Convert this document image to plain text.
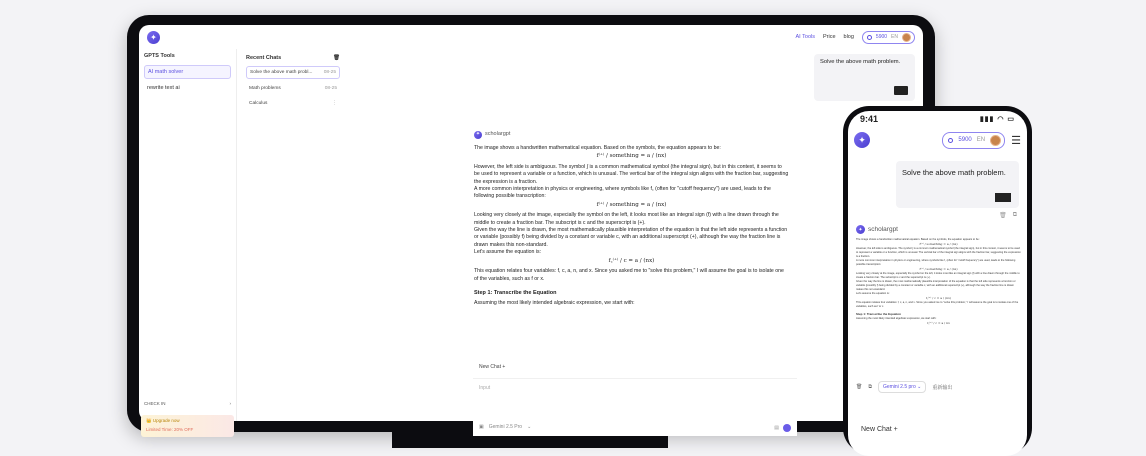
✦	AI Tools Price blog	5900 EN
GPTS Tools
AI math solver
rewrite text ai
CHECK IN	›
👑 Upgrade now
Limited Time: 20% OFF
Recent Chats	🗑
Solve the above math probl... 08-25
Math problems	08-25
Calculus	⋮
Solve the above math problem.
✦ scholargpt

The image shows a handwritten mathematical equation. Based on the symbols, the equation appears to be:

f⁽⁺⁾ / something = a / (nx)

However, the left side is ambiguous. The symbol ∫ is a common mathematical symbol (the integral sign), but in this context, it seems to be used to represent a variable or a function, which is unusual. The vertical bar of the integral sign aligns with the fraction bar, suggesting the expression is a fraction.

A more common interpretation in physics or engineering, where symbols like f꜀ (often for "cutoff frequency") are used, leads to the following possible transcription:

f⁽⁺⁾ / something = a / (nx)

Looking very closely at the image, especially the symbol on the left, it looks most like an integral sign (f) with a line drawn through the middle to create a fraction bar. The subscript is c and the superscript is (+).

Given the way the line is drawn, the most mathematically plausible interpretation of the equation is that the left side represents a function or variable (possibly f) being divided by a constant or variable c, with an additional superscript (+), although the way the fraction line is drawn makes this non-standard.

Let's assume the equation is:

f꜀⁽⁺⁾ / c = a / (nx)

This equation relates four variables: f, c, a, n, and x. Since you asked me to "solve this problem," I will assume the goal is to isolate one of the variables, such as f or x.

Step 1: Transcribe the Equation

Assuming the most likely intended algebraic expression, we start with:

New Chat +
Input
▣ Gemini 2.5 Pro ⌄	▤
9:41	▮▮▮ ◠ ▭
✦	5900 EN ☰
Solve the above math problem.
🗑 ⧉
✦ scholargpt

The image shows a handwritten mathematical equation. Based on the symbols, the equation appears to be:

f⁽⁺⁾ / something = a / (nx)

However, the left side is ambiguous. The symbol ∫ is a common mathematical symbol (the integral sign), but in this context, it seems to be used to represent a variable or a function, which is unusual. The vertical bar of the integral sign aligns with the fraction bar, suggesting the expression is a fraction.

A more common interpretation in physics or engineering, where symbols like f꜀ (often for "cutoff frequency") are used, leads to the following possible transcription:

f⁽⁺⁾ / something = a / (nx)

Looking very closely at the image, especially the symbol on the left, it looks most like an integral sign (f) with a line drawn through the middle to create a fraction bar. The subscript is c and the superscript is (+).

Given the way the line is drawn, the most mathematically plausible interpretation of the equation is that the left side represents a function or variable (possibly f) being divided by a constant or variable c, with an additional superscript (+), although the way the fraction line is drawn makes this non-standard.

Let's assume the equation is:

f꜀⁽⁺⁾ / c = a / (nx)

This equation relates four variables: f, c, a, n, and x. Since you asked me to "solve this problem," I will assume the goal is to isolate one of the variables, such as f or x.

Step 1: Transcribe the Equation

Assuming the most likely intended algebraic expression, we start with:

f꜀⁽⁺⁾ / c = a / nx
🗑 ⧉	Gemini 2.5 pro ⌄	重新输出
New Chat +
